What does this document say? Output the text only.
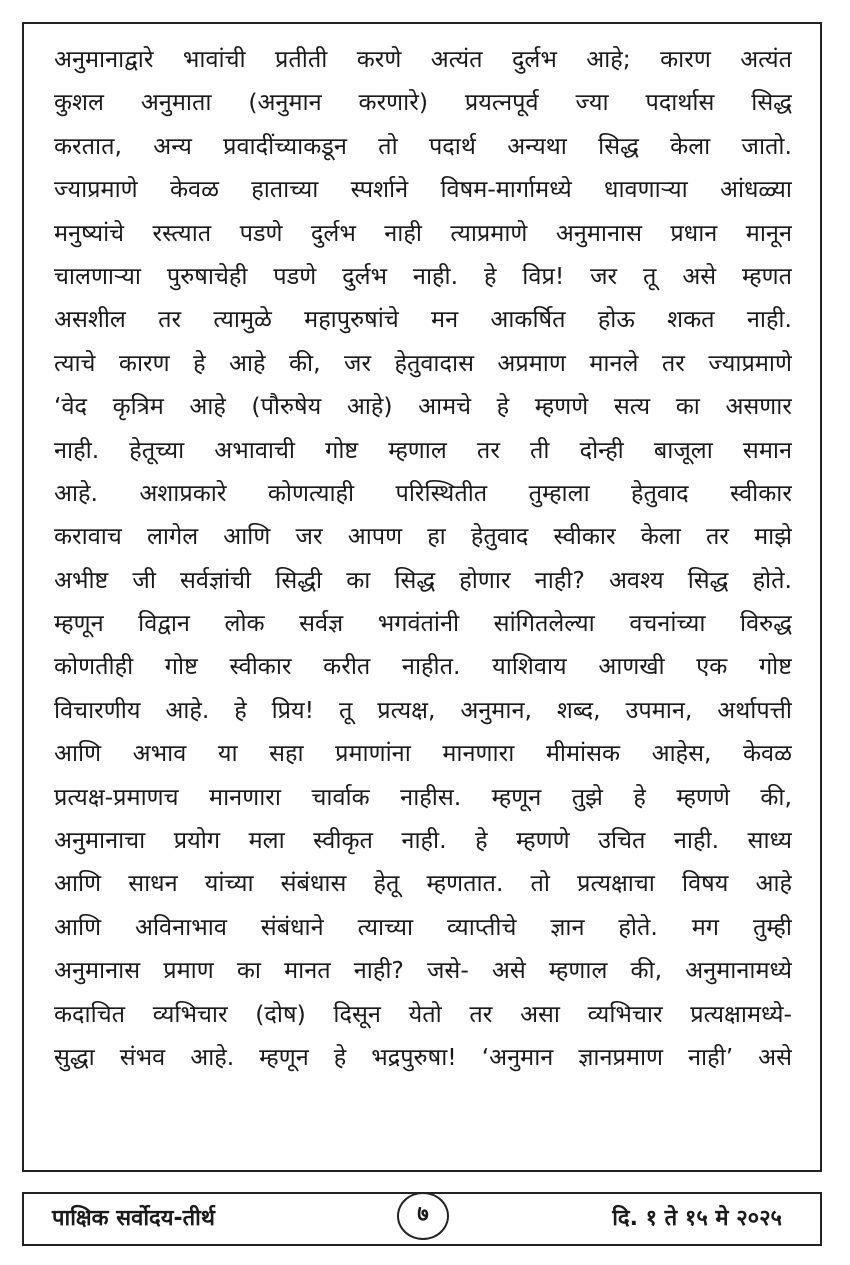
अनुमानाद्वारे भावांची प्रतीती करणे अत्यंत दुर्लभ आहे; कारण अत्यंत
कुशल अनुमाता (अनुमान करणारे) प्रयत्नपूर्व ज्या पदार्थास सिद्ध
करतात, अन्य प्रवादींच्याकडून तो पदार्थ अन्यथा सिद्ध केला जातो.
ज्याप्रमाणे केवळ हाताच्या स्पर्शाने विषम-मार्गामध्ये धावणाऱ्या आंधळ्या
मनुष्यांचे रस्त्यात पडणे दुर्लभ नाही त्याप्रमाणे अनुमानास प्रधान मानून
चालणाऱ्या पुरुषाचेही पडणे दुर्लभ नाही. हे विप्र! जर तू असे म्हणत
असशील तर त्यामुळे महापुरुषांचे मन आकर्षित होऊ शकत नाही.
त्याचे कारण हे आहे की, जर हेतुवादास अप्रमाण मानले तर ज्याप्रमाणे
‘वेद कृत्रिम आहे (पौरुषेय आहे) आमचे हे म्हणणे सत्य का असणार
नाही. हेतूच्या अभावाची गोष्ट म्हणाल तर ती दोन्ही बाजूला समान
आहे. अशाप्रकारे कोणत्याही परिस्थितीत तुम्हाला हेतुवाद स्वीकार
करावाच लागेल आणि जर आपण हा हेतुवाद स्वीकार केला तर माझे
अभीष्ट जी सर्वज्ञांची सिद्धी का सिद्ध होणार नाही? अवश्य सिद्ध होते.
म्हणून विद्वान लोक सर्वज्ञ भगवंतांनी सांगितलेल्या वचनांच्या विरुद्ध
कोणतीही गोष्ट स्वीकार करीत नाहीत. याशिवाय आणखी एक गोष्ट
विचारणीय आहे. हे प्रिय! तू प्रत्यक्ष, अनुमान, शब्द, उपमान, अर्थापत्ती
आणि अभाव या सहा प्रमाणांना मानणारा मीमांसक आहेस, केवळ
प्रत्यक्ष-प्रमाणच मानणारा चार्वाक नाहीस. म्हणून तुझे हे म्हणणे की,
अनुमानाचा प्रयोग मला स्वीकृत नाही. हे म्हणणे उचित नाही. साध्य
आणि साधन यांच्या संबंधास हेतू म्हणतात. तो प्रत्यक्षाचा विषय आहे
आणि अविनाभाव संबंधाने त्याच्या व्याप्तीचे ज्ञान होते. मग तुम्ही
अनुमानास प्रमाण का मानत नाही? जसे- असे म्हणाल की, अनुमानामध्ये
कदाचित व्यभिचार (दोष) दिसून येतो तर असा व्यभिचार प्रत्यक्षामध्ये-
सुद्धा संभव आहे. म्हणून हे भद्रपुरुषा! ‘अनुमान ज्ञानप्रमाण नाही’ असे
पाक्षिक सर्वोदय-तीर्थ	७	दि. १ ते १५ मे २०२५
